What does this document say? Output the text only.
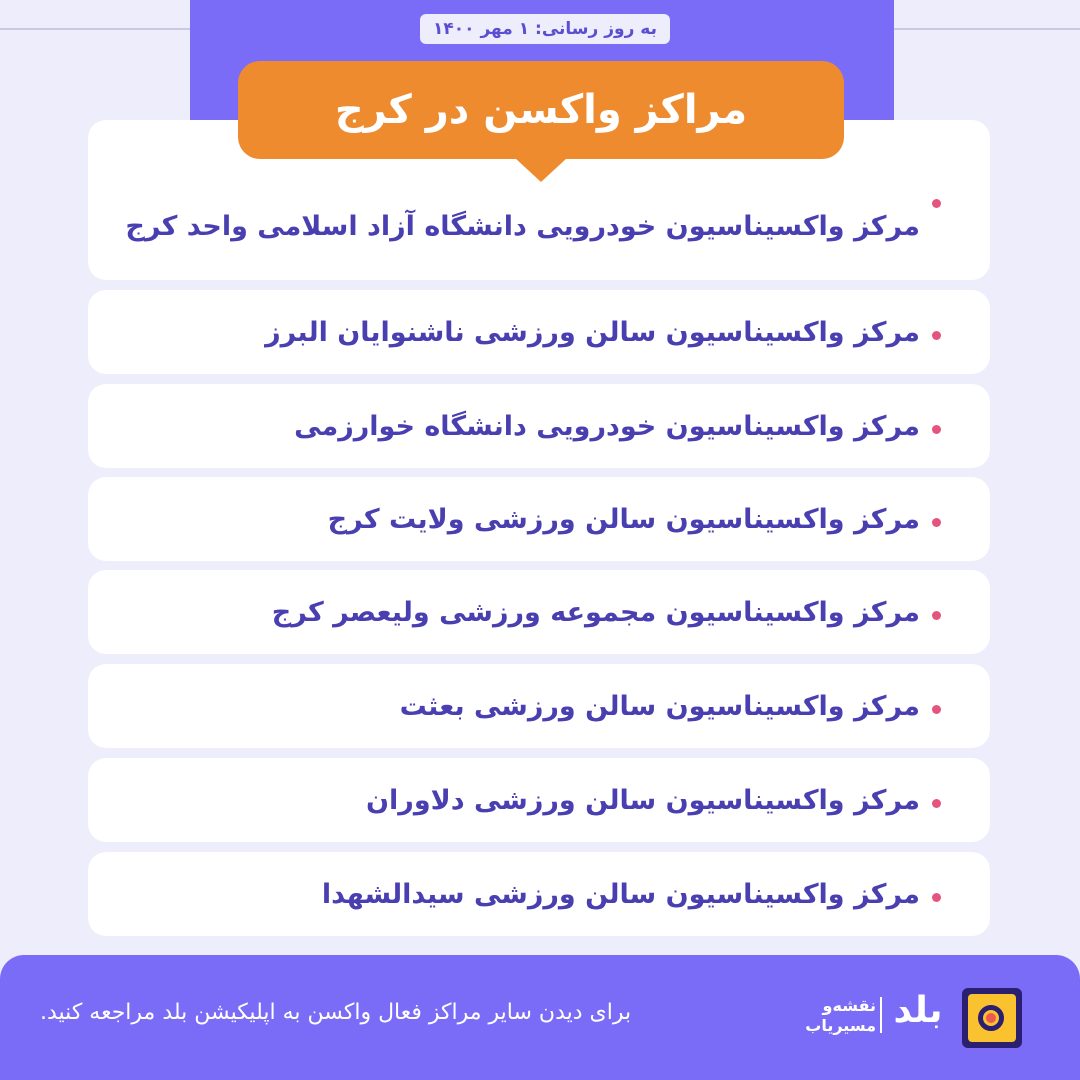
به روز رسانی: ۱ مهر ۱۴۰۰
مرکز واکسیناسیون خودرویی دانشگاه آزاد اسلامی واحد کرج
مرکز واکسیناسیون سالن ورزشی ناشنوایان البرز
مرکز واکسیناسیون خودرویی دانشگاه خوارزمی
مرکز واکسیناسیون سالن ورزشی ولایت کرج
مرکز واکسیناسیون مجموعه ورزشی ولیعصر کرج
مرکز واکسیناسیون سالن ورزشی بعثت
مرکز واکسیناسیون سالن ورزشی دلاوران
مرکز واکسیناسیون سالن ورزشی سیدالشهدا
مراکز واکسن در کرج
برای دیدن سایر مراکز فعال واکسن به اپلیکیشن بلد مراجعه کنید.	نقشه‌و
مسیریاب بلد
